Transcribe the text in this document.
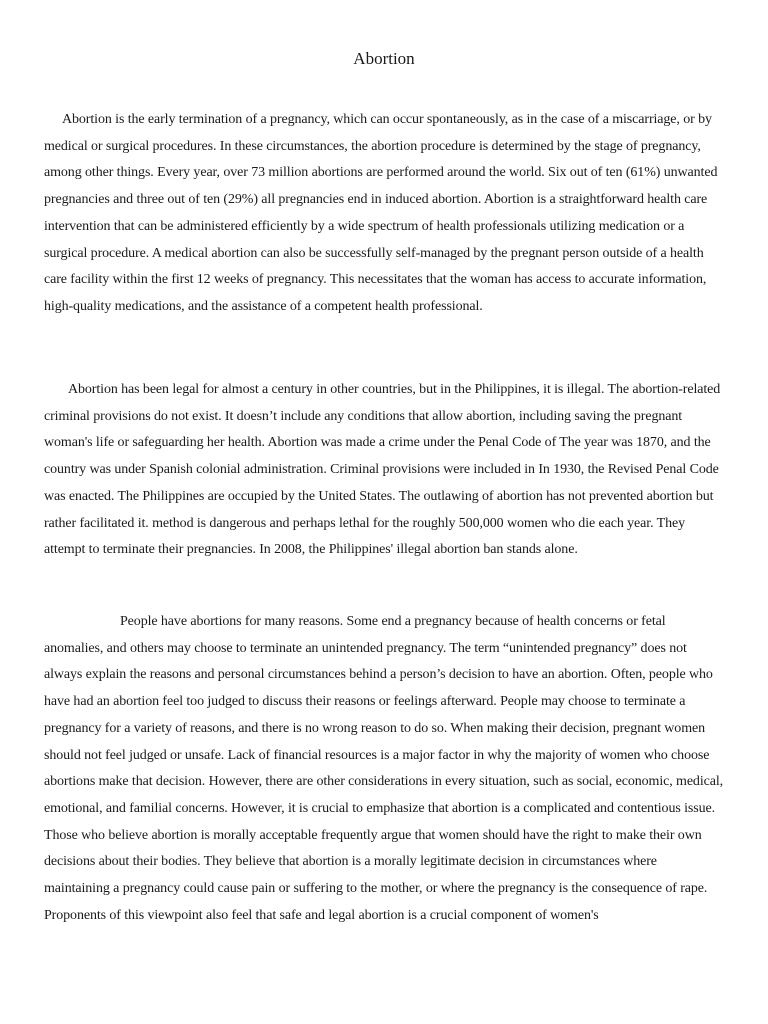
Abortion

Abortion is the early termination of a pregnancy, which can occur spontaneously, as in the case of a miscarriage, or by medical or surgical procedures. In these circumstances, the abortion procedure is determined by the stage of pregnancy, among other things. Every year, over 73 million abortions are performed around the world. Six out of ten (61%) unwanted pregnancies and three out of ten (29%) all pregnancies end in induced abortion. Abortion is a straightforward health care intervention that can be administered efficiently by a wide spectrum of health professionals utilizing medication or a surgical procedure. A medical abortion can also be successfully self-managed by the pregnant person outside of a health care facility within the first 12 weeks of pregnancy. This necessitates that the woman has access to accurate information, high-quality medications, and the assistance of a competent health professional.

Abortion has been legal for almost a century in other countries, but in the Philippines, it is illegal. The abortion-related criminal provisions do not exist. It doesn’t include any conditions that allow abortion, including saving the pregnant woman's life or safeguarding her health. Abortion was made a crime under the Penal Code of The year was 1870, and the country was under Spanish colonial administration. Criminal provisions were included in In 1930, the Revised Penal Code was enacted. The Philippines are occupied by the United States. The outlawing of abortion has not prevented abortion but rather facilitated it. method is dangerous and perhaps lethal for the roughly 500,000 women who die each year. They attempt to terminate their pregnancies. In 2008, the Philippines' illegal abortion ban stands alone.

People have abortions for many reasons. Some end a pregnancy because of health concerns or fetal anomalies, and others may choose to terminate an unintended pregnancy. The term “unintended pregnancy” does not always explain the reasons and personal circumstances behind a person’s decision to have an abortion. Often, people who have had an abortion feel too judged to discuss their reasons or feelings afterward. People may choose to terminate a pregnancy for a variety of reasons, and there is no wrong reason to do so. When making their decision, pregnant women should not feel judged or unsafe. Lack of financial resources is a major factor in why the majority of women who choose abortions make that decision. However, there are other considerations in every situation, such as social, economic, medical, emotional, and familial concerns. However, it is crucial to emphasize that abortion is a complicated and contentious issue. Those who believe abortion is morally acceptable frequently argue that women should have the right to make their own decisions about their bodies. They believe that abortion is a morally legitimate decision in circumstances where maintaining a pregnancy could cause pain or suffering to the mother, or where the pregnancy is the consequence of rape. Proponents of this viewpoint also feel that safe and legal abortion is a crucial component of women's
